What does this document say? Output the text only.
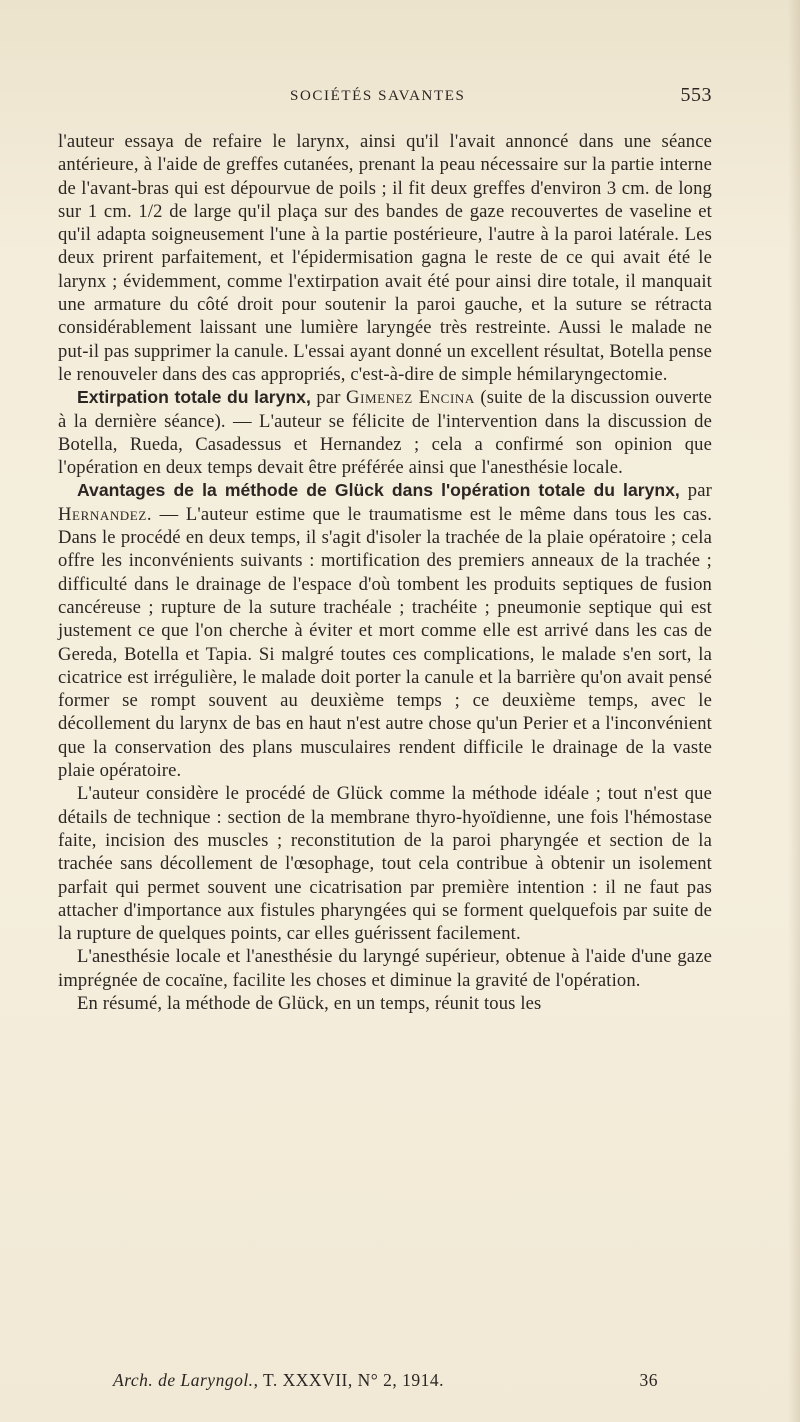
SOCIÉTÉS SAVANTES	553

l'auteur essaya de refaire le larynx, ainsi qu'il l'avait annoncé dans une séance antérieure, à l'aide de greffes cutanées, prenant la peau nécessaire sur la partie interne de l'avant-bras qui est dépourvue de poils ; il fit deux greffes d'environ 3 cm. de long sur 1 cm. 1/2 de large qu'il plaça sur des bandes de gaze recouvertes de vaseline et qu'il adapta soigneusement l'une à la partie postérieure, l'autre à la paroi latérale. Les deux prirent parfaitement, et l'épidermisation gagna le reste de ce qui avait été le larynx ; évidemment, comme l'extirpation avait été pour ainsi dire totale, il manquait une armature du côté droit pour soutenir la paroi gauche, et la suture se rétracta considérablement laissant une lumière laryngée très restreinte. Aussi le malade ne put-il pas supprimer la canule. L'essai ayant donné un excellent résultat, Botella pense le renouveler dans des cas appropriés, c'est-à-dire de simple hémilaryngectomie.

Extirpation totale du larynx, par Gimenez Encina (suite de la discussion ouverte à la dernière séance). — L'auteur se félicite de l'intervention dans la discussion de Botella, Rueda, Casadessus et Hernandez ; cela a confirmé son opinion que l'opération en deux temps devait être préférée ainsi que l'anesthésie locale.

Avantages de la méthode de Glück dans l'opération totale du larynx, par Hernandez. — L'auteur estime que le traumatisme est le même dans tous les cas. Dans le procédé en deux temps, il s'agit d'isoler la trachée de la plaie opératoire ; cela offre les inconvénients suivants : mortification des premiers anneaux de la trachée ; difficulté dans le drainage de l'espace d'où tombent les produits septiques de fusion cancéreuse ; rupture de la suture trachéale ; trachéite ; pneumonie septique qui est justement ce que l'on cherche à éviter et mort comme elle est arrivé dans les cas de Gereda, Botella et Tapia. Si malgré toutes ces complications, le malade s'en sort, la cicatrice est irrégulière, le malade doit porter la canule et la barrière qu'on avait pensé former se rompt souvent au deuxième temps ; ce deuxième temps, avec le décollement du larynx de bas en haut n'est autre chose qu'un Perier et a l'inconvénient que la conservation des plans musculaires rendent difficile le drainage de la vaste plaie opératoire.

L'auteur considère le procédé de Glück comme la méthode idéale ; tout n'est que détails de technique : section de la membrane thyro-hyoïdienne, une fois l'hémostase faite, incision des muscles ; reconstitution de la paroi pharyngée et section de la trachée sans décollement de l'œsophage, tout cela contribue à obtenir un isolement parfait qui permet souvent une cicatrisation par première intention : il ne faut pas attacher d'importance aux fistules pharyngées qui se forment quelquefois par suite de la rupture de quelques points, car elles guérissent facilement.

L'anesthésie locale et l'anesthésie du laryngé supérieur, obtenue à l'aide d'une gaze imprégnée de cocaïne, facilite les choses et diminue la gravité de l'opération.

En résumé, la méthode de Glück, en un temps, réunit tous les

Arch. de Laryngol., T. XXXVII, N° 2, 1914.	36
